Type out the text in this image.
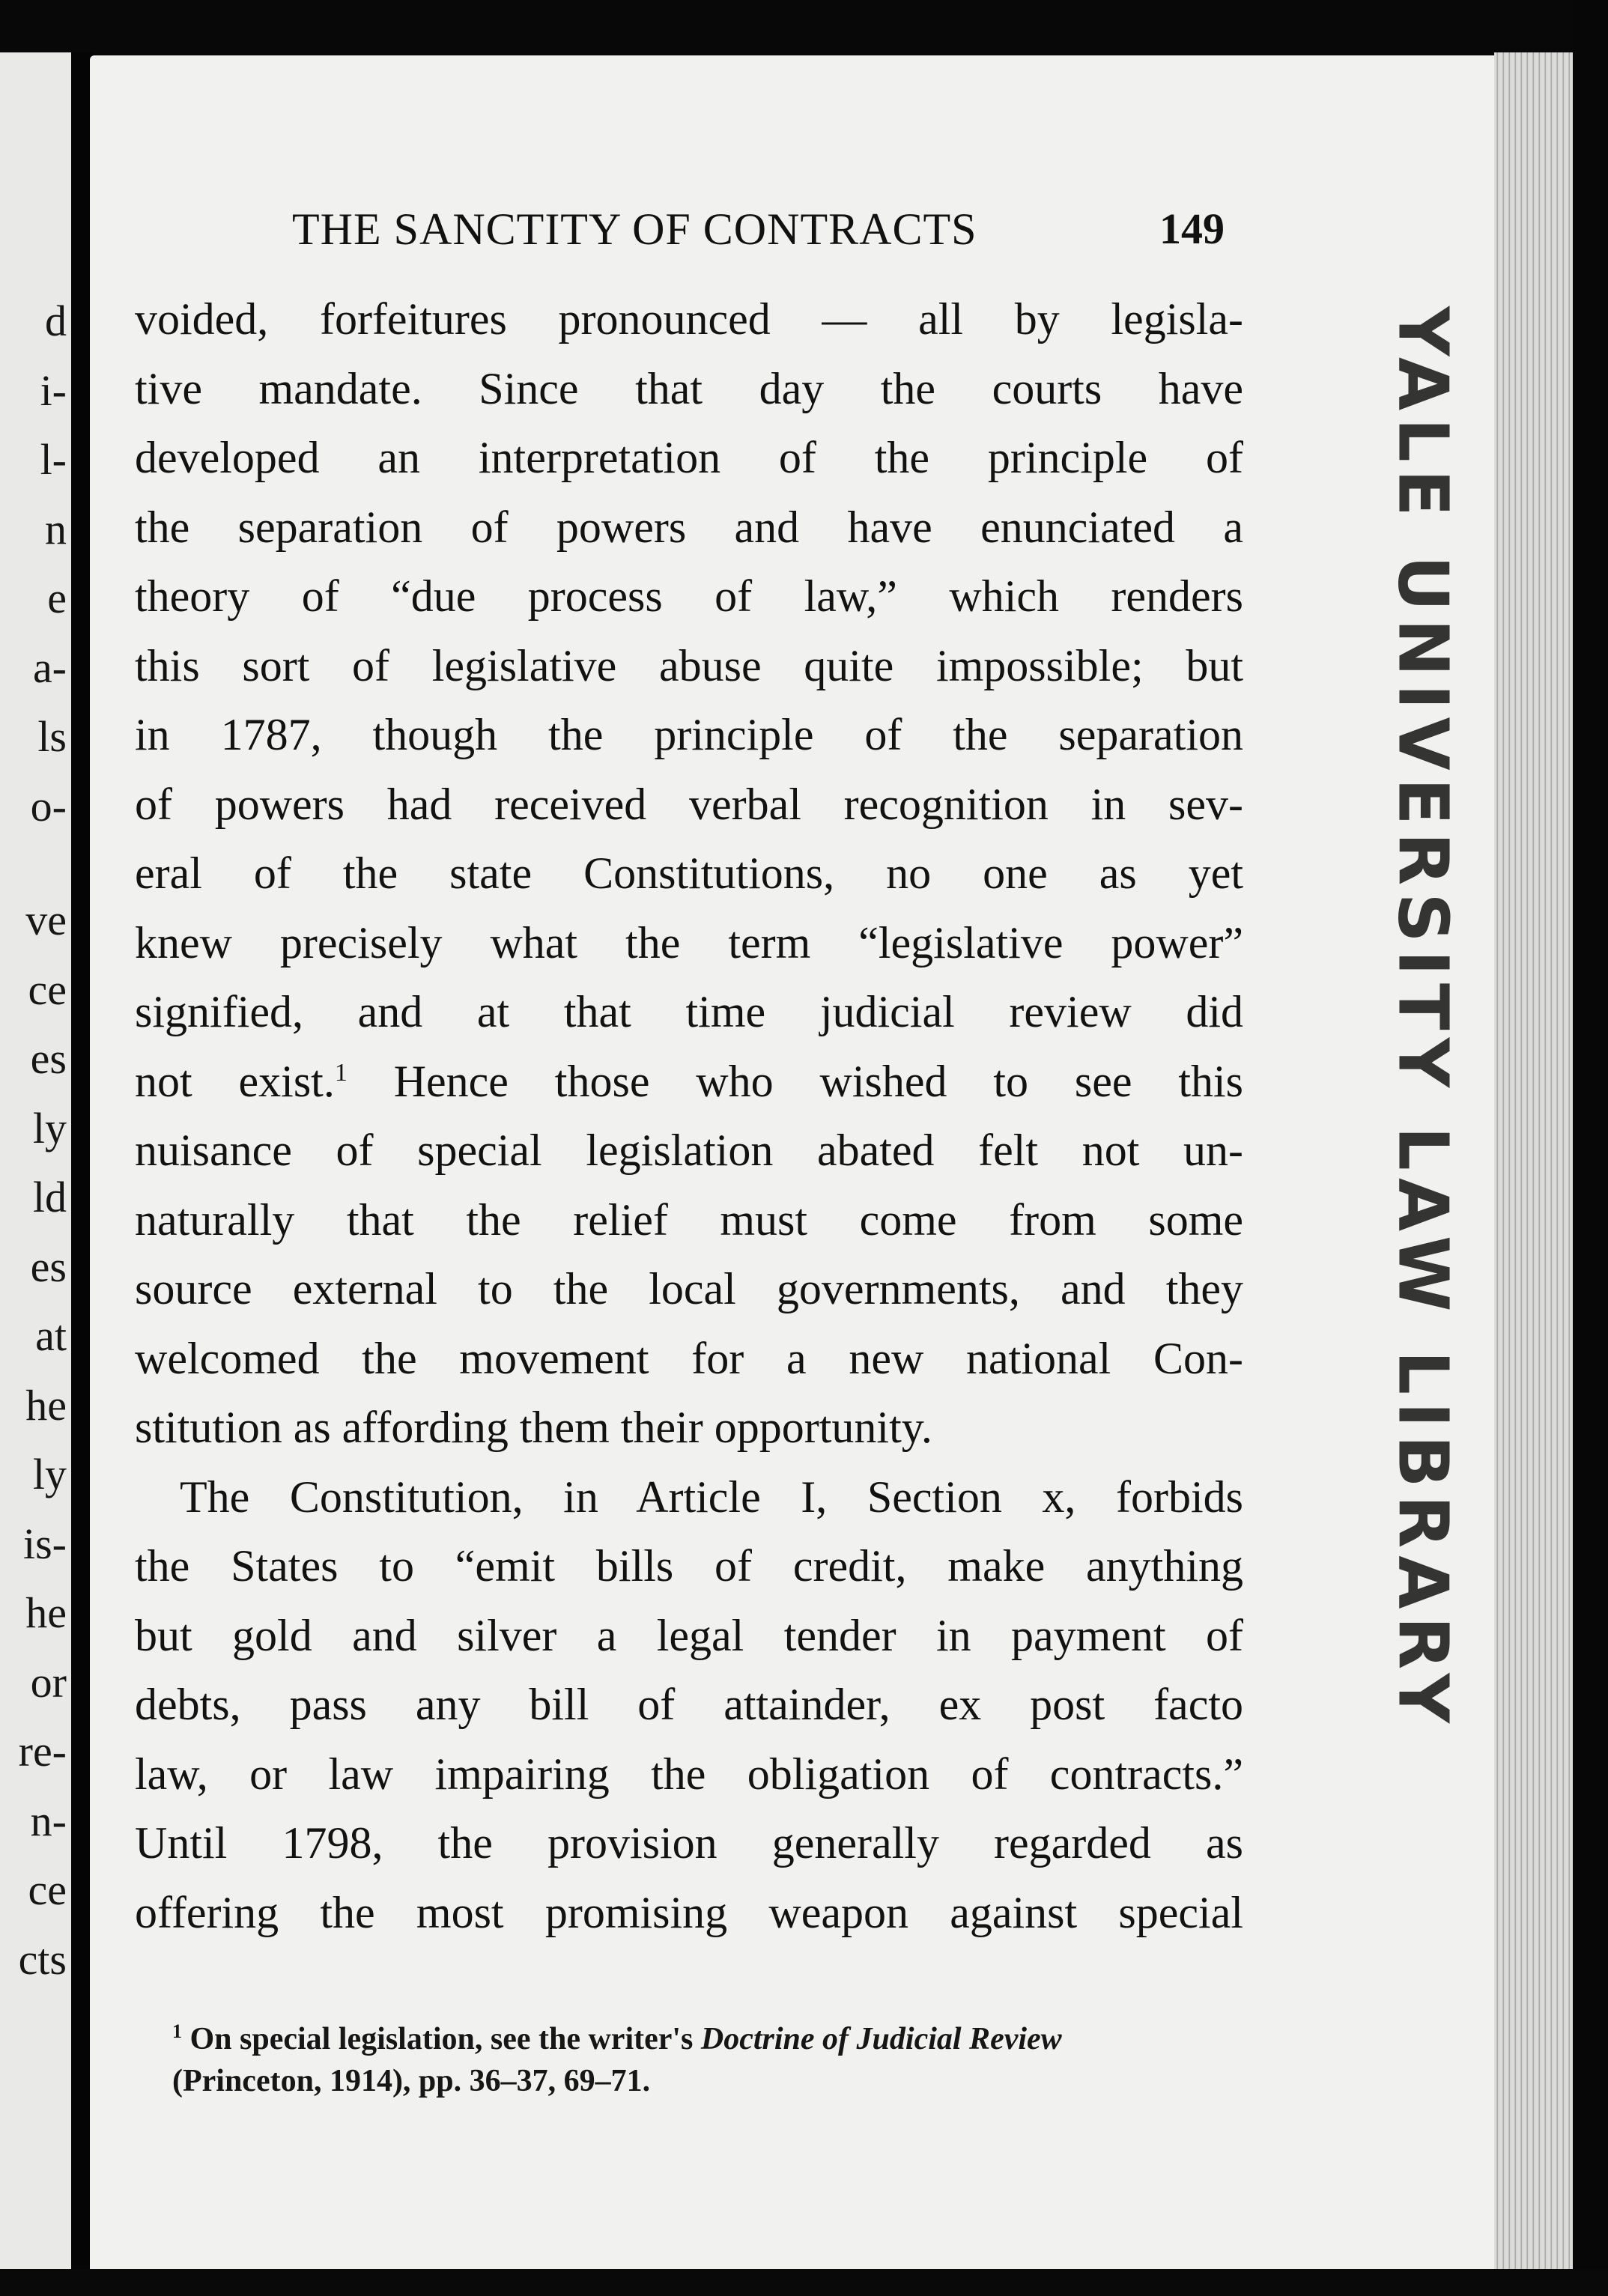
d
i-
l-
n
e
a-
ls
o-
ve
ce
es
ly
ld
es
at
he
ly
is-
he
or
re-
n-
ce
cts
THE SANCTITY OF CONTRACTS	149
voided, forfeitures pronounced — all by legisla-
tive mandate. Since that day the courts have
developed an interpretation of the principle of
the separation of powers and have enunciated a
theory of “due process of law,” which renders
this sort of legislative abuse quite impossible; but
in 1787, though the principle of the separation
of powers had received verbal recognition in sev-
eral of the state Constitutions, no one as yet
knew precisely what the term “legislative power”
signified, and at that time judicial review did
not exist.$^1$ Hence those who wished to see this
nuisance of special legislation abated felt not un-
naturally that the relief must come from some
source external to the local governments, and they
welcomed the movement for a new national Con-
stitution as affording them their opportunity.
The Constitution, in Article I, Section x, forbids
the States to “emit bills of credit, make anything
but gold and silver a legal tender in payment of
debts, pass any bill of attainder, ex post facto
law, or law impairing the obligation of contracts.”
Until 1798, the provision generally regarded as
offering the most promising weapon against special
$^1$ On special legislation, see the writer's Doctrine of Judicial Review
(Princeton, 1914), pp. 36–37, 69–71.
YALE UNIVERSITY LAW LIBRARY
